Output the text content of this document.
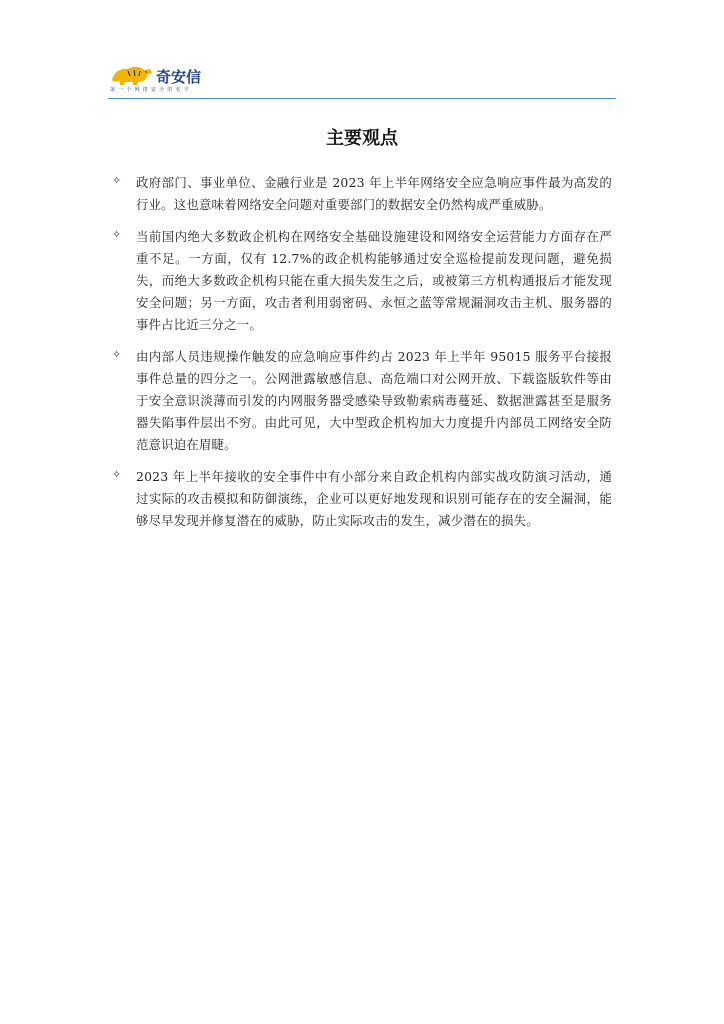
奇安信
第一个网络安全的名字
主要观点
✧ 政府部门、事业单位、金融行业是 2023 年上半年网络安全应急响应事件最为高发的行业。这也意味着网络安全问题对重要部门的数据安全仍然构成严重威胁。
✧ 当前国内绝大多数政企机构在网络安全基础设施建设和网络安全运营能力方面存在严重不足。一方面，仅有 12.7%的政企机构能够通过安全巡检提前发现问题，避免损失，而绝大多数政企机构只能在重大损失发生之后，或被第三方机构通报后才能发现安全问题；另一方面，攻击者利用弱密码、永恒之蓝等常规漏洞攻击主机、服务器的事件占比近三分之一。
✧ 由内部人员违规操作触发的应急响应事件约占 2023 年上半年 95015 服务平台接报事件总量的四分之一。公网泄露敏感信息、高危端口对公网开放、下载盗版软件等由于安全意识淡薄而引发的内网服务器受感染导致勒索病毒蔓延、数据泄露甚至是服务器失陷事件层出不穷。由此可见，大中型政企机构加大力度提升内部员工网络安全防范意识迫在眉睫。
✧ 2023 年上半年接收的安全事件中有小部分来自政企机构内部实战攻防演习活动，通过实际的攻击模拟和防御演练，企业可以更好地发现和识别可能存在的安全漏洞，能够尽早发现并修复潜在的威胁，防止实际攻击的发生，减少潜在的损失。
